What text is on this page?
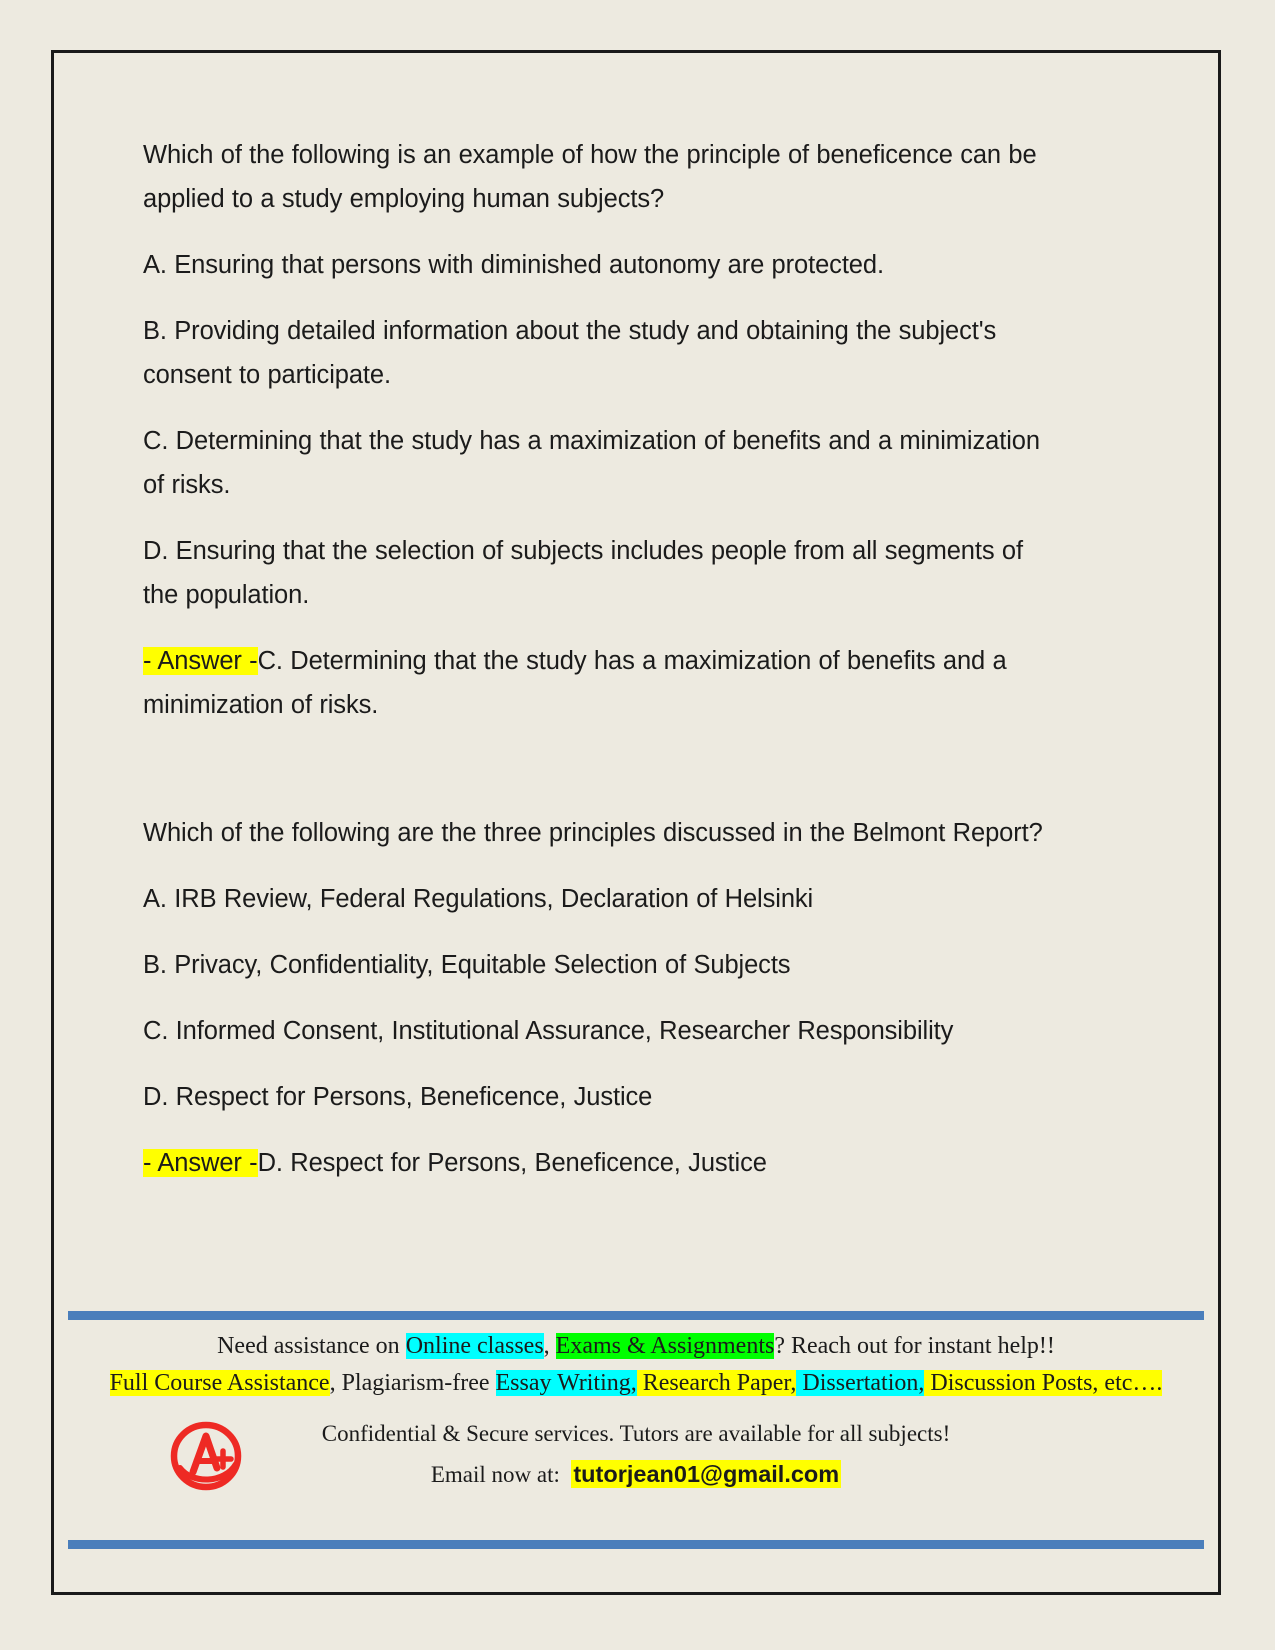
Which of the following is an example of how the principle of beneficence can be applied to a study employing human subjects?

A. Ensuring that persons with diminished autonomy are protected.

B. Providing detailed information about the study and obtaining the subject's consent to participate.

C. Determining that the study has a maximization of benefits and a minimization of risks.

D. Ensuring that the selection of subjects includes people from all segments of the population.

- Answer -C. Determining that the study has a maximization of benefits and a minimization of risks.

Which of the following are the three principles discussed in the Belmont Report?

A. IRB Review, Federal Regulations, Declaration of Helsinki

B. Privacy, Confidentiality, Equitable Selection of Subjects

C. Informed Consent, Institutional Assurance, Researcher Responsibility

D. Respect for Persons, Beneficence, Justice

- Answer -D. Respect for Persons, Beneficence, Justice

Need assistance on Online classes, Exams & Assignments? Reach out for instant help!!
Full Course Assistance, Plagiarism-free Essay Writing, Research Paper, Dissertation, Discussion Posts, etc….
Confidential & Secure services. Tutors are available for all subjects!
Email now at: tutorjean01@gmail.com
